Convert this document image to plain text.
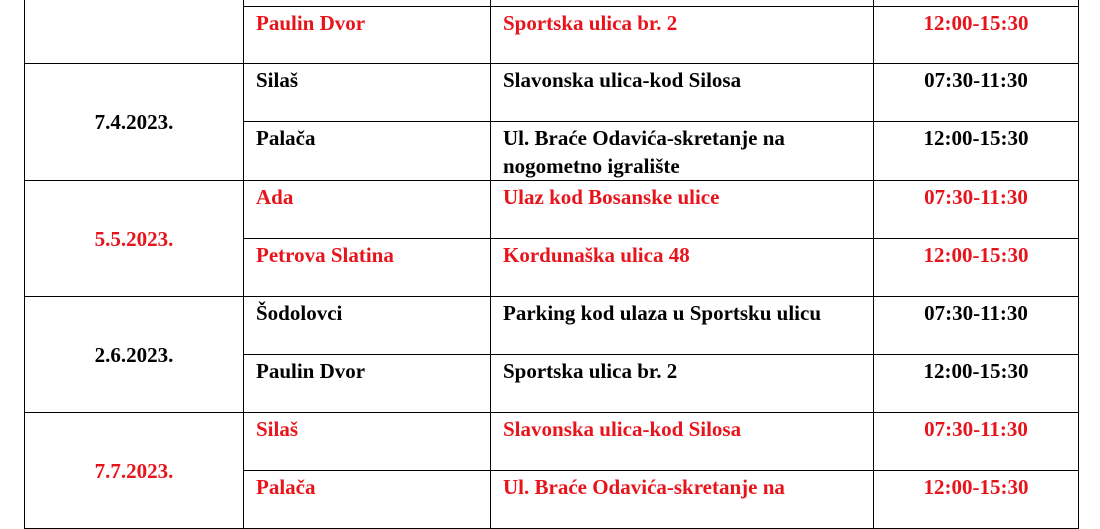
	Paulin Dvor	Sportska ulica br. 2	12:00-15:30

7.4.2023.	Silaš	Slavonska ulica-kod Silosa	07:30-11:30

	Palača	Ul. Braće Odavića-skretanje na nogometno igralište	12:00-15:30

5.5.2023.	Ada	Ulaz kod Bosanske ulice	07:30-11:30

	Petrova Slatina	Kordunaška ulica 48	12:00-15:30

2.6.2023.	Šodolovci	Parking kod ulaza u Sportsku ulicu	07:30-11:30

	Paulin Dvor	Sportska ulica br. 2	12:00-15:30

7.7.2023.	Silaš	Slavonska ulica-kod Silosa	07:30-11:30

	Palača	Ul. Braće Odavića-skretanje na	12:00-15:30
